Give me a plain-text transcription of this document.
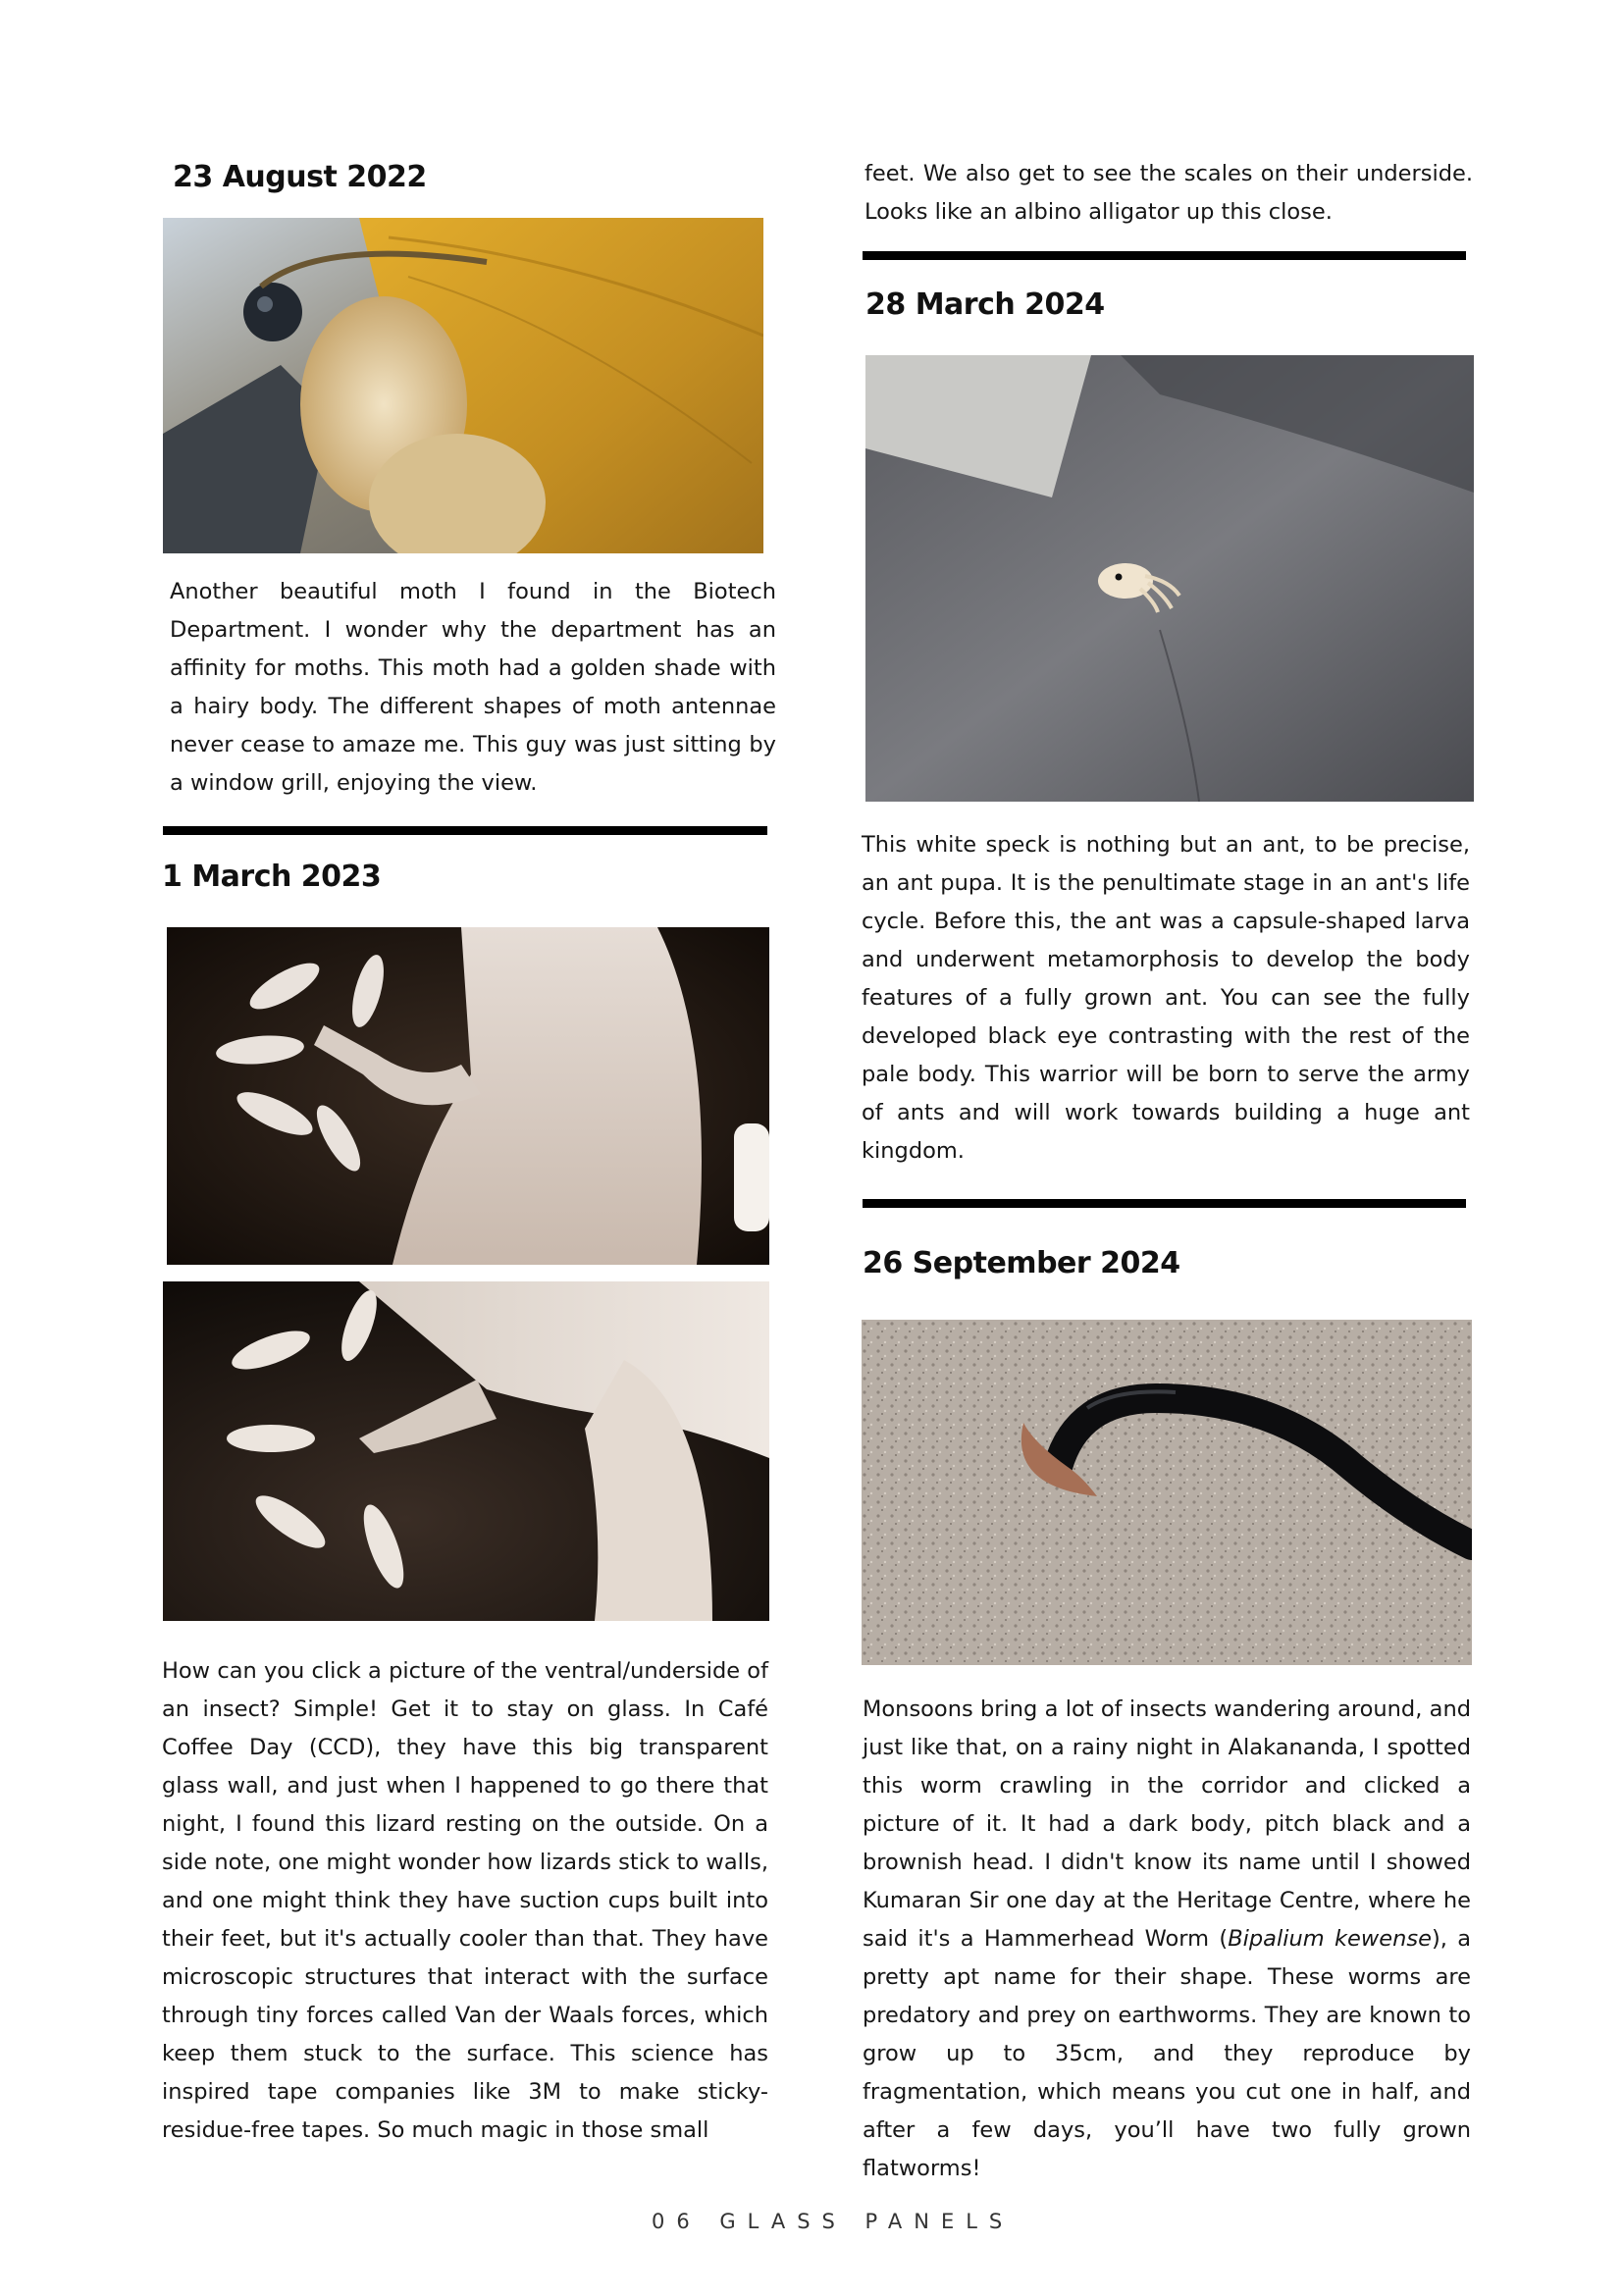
23 August 2022
Another beautiful moth I found in the Biotech Department. I wonder why the department has an affinity for moths. This moth had a golden shade with a hairy body. The different shapes of moth antennae never cease to amaze me. This guy was just sitting by a window grill, enjoying the view.
1 March 2023
How can you click a picture of the ventral/underside of an insect? Simple! Get it to stay on glass. In Café Coffee Day (CCD), they have this big transparent glass wall, and just when I happened to go there that night, I found this lizard resting on the outside. On a side note, one might wonder how lizards stick to walls, and one might think they have suction cups built into their feet, but it's actually cooler than that. They have microscopic structures that interact with the surface through tiny forces called Van der Waals forces, which keep them stuck to the surface. This science has inspired tape companies like 3M to make sticky-residue-free tapes. So much magic in those small
feet. We also get to see the scales on their underside. Looks like an albino alligator up this close.
28 March 2024
This white speck is nothing but an ant, to be precise, an ant pupa. It is the penultimate stage in an ant's life cycle. Before this, the ant was a capsule-shaped larva and underwent metamorphosis to develop the body features of a fully grown ant. You can see the fully developed black eye contrasting with the rest of the pale body. This warrior will be born to serve the army of ants and will work towards building a huge ant kingdom.
26 September 2024
Monsoons bring a lot of insects wandering around, and just like that, on a rainy night in Alakananda, I spotted this worm crawling in the corridor and clicked a picture of it. It had a dark body, pitch black and a brownish head. I didn't know its name until I showed Kumaran Sir one day at the Heritage Centre, where he said it's a Hammerhead Worm (Bipalium kewense), a pretty apt name for their shape. These worms are predatory and prey on earthworms. They are known to grow up to 35cm, and they reproduce by fragmentation, which means you cut one in half, and after a few days, you’ll have two fully grown flatworms!
06 GLASS PANELS
